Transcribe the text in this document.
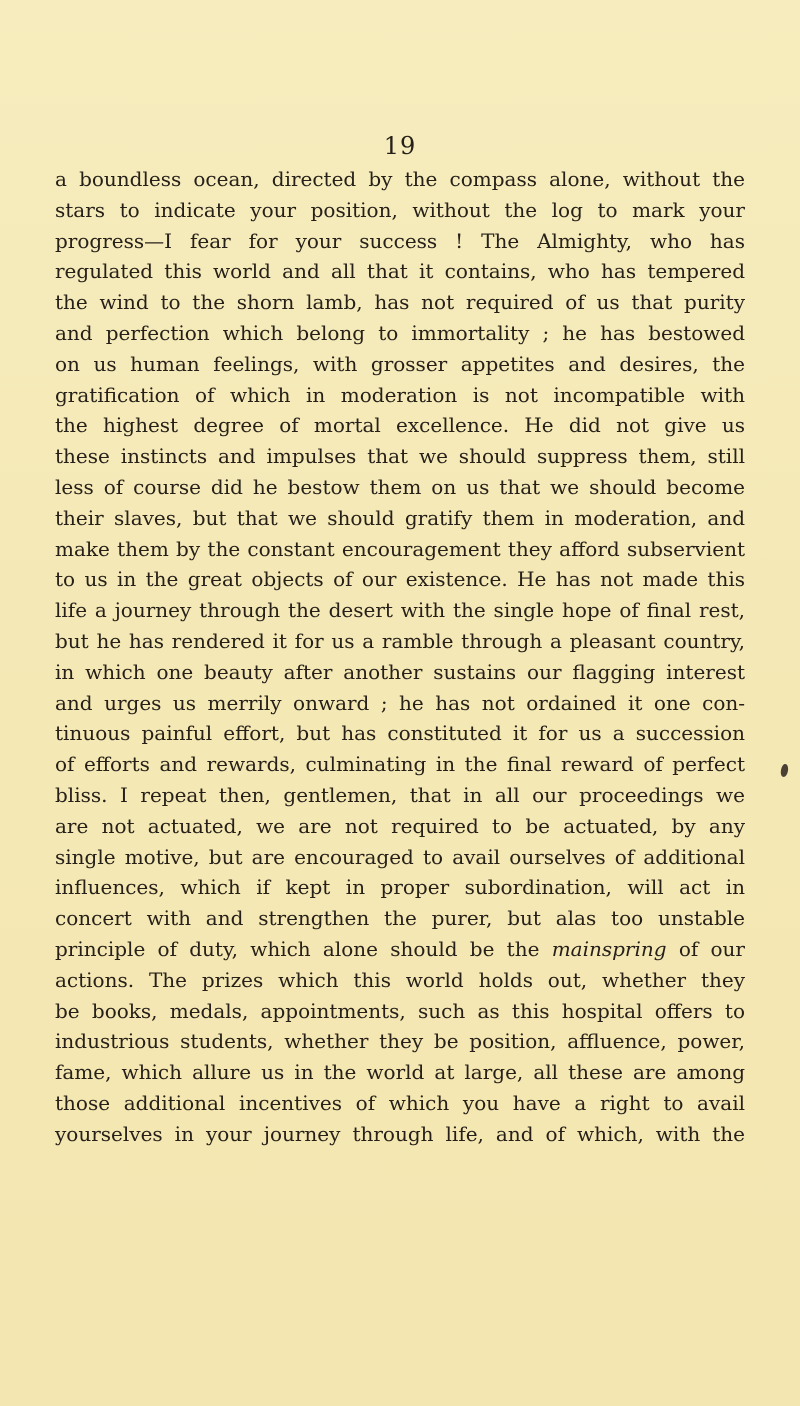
19
a boundless ocean, directed by the compass alone, without the
stars to indicate your position, without the log to mark your
progress—I fear for your success ! The Almighty, who has
regulated this world and all that it contains, who has tempered
the wind to the shorn lamb, has not required of us that purity
and perfection which belong to immortality ; he has bestowed
on us human feelings, with grosser appetites and desires, the
gratification of which in moderation is not incompatible with
the highest degree of mortal excellence. He did not give us
these instincts and impulses that we should suppress them, still
less of course did he bestow them on us that we should become
their slaves, but that we should gratify them in moderation, and
make them by the constant encouragement they afford subservient
to us in the great objects of our existence. He has not made this
life a journey through the desert with the single hope of final rest,
but he has rendered it for us a ramble through a pleasant country,
in which one beauty after another sustains our flagging interest
and urges us merrily onward ; he has not ordained it one con-
tinuous painful effort, but has constituted it for us a succession
of efforts and rewards, culminating in the final reward of perfect
bliss. I repeat then, gentlemen, that in all our proceedings we
are not actuated, we are not required to be actuated, by any
single motive, but are encouraged to avail ourselves of additional
influences, which if kept in proper subordination, will act in
concert with and strengthen the purer, but alas too unstable
principle of duty, which alone should be the mainspring of our
actions. The prizes which this world holds out, whether they
be books, medals, appointments, such as this hospital offers to
industrious students, whether they be position, affluence, power,
fame, which allure us in the world at large, all these are among
those additional incentives of which you have a right to avail
yourselves in your journey through life, and of which, with the
